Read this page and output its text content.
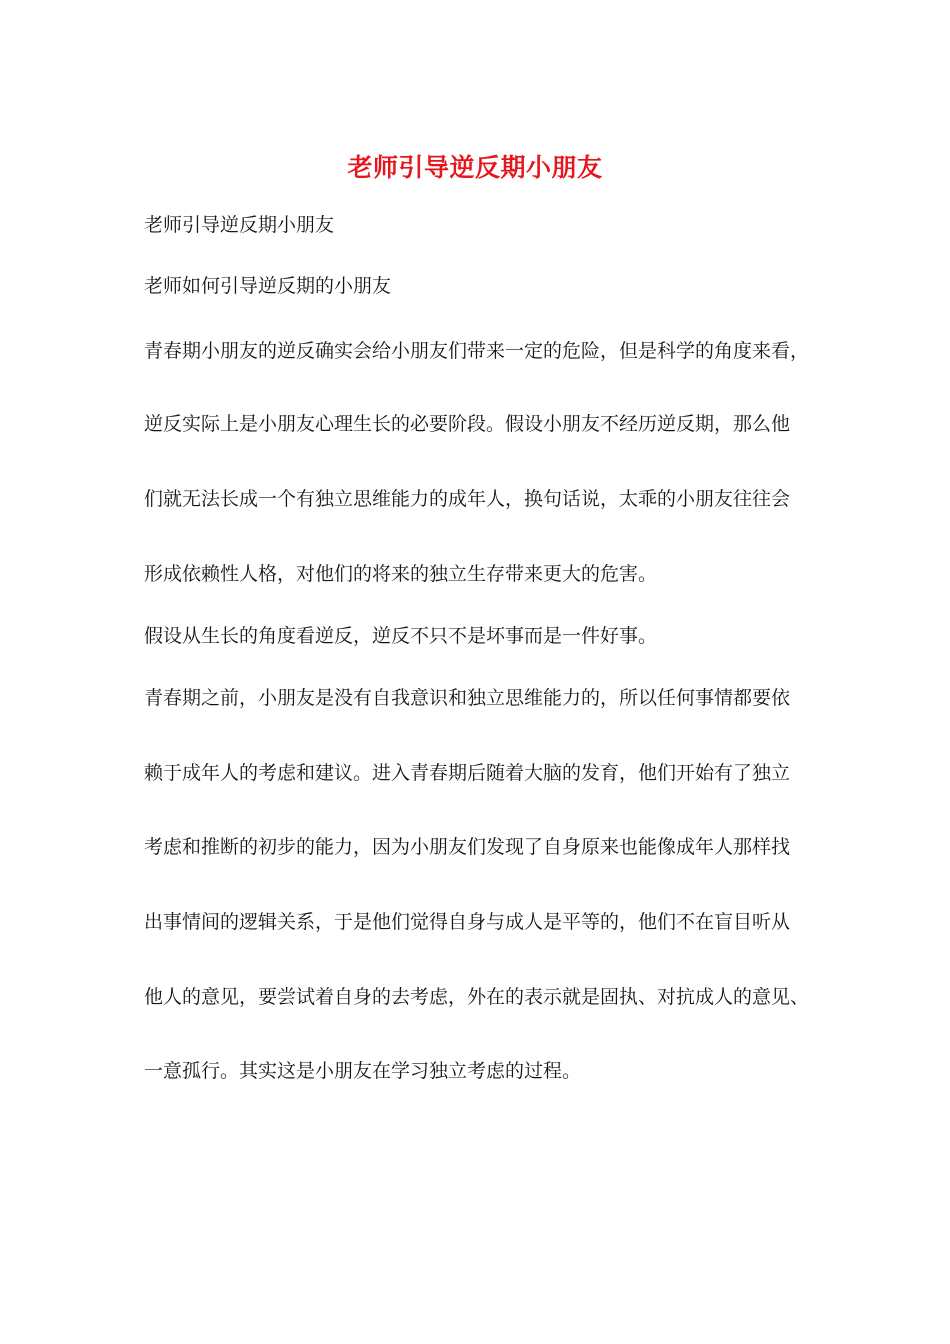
老师引导逆反期小朋友
老师引导逆反期小朋友
老师如何引导逆反期的小朋友
青春期小朋友的逆反确实会给小朋友们带来一定的危险，但是科学的角度来看，
逆反实际上是小朋友心理生长的必要阶段。假设小朋友不经历逆反期，那么他
们就无法长成一个有独立思维能力的成年人，换句话说，太乖的小朋友往往会
形成依赖性人格，对他们的将来的独立生存带来更大的危害。
假设从生长的角度看逆反，逆反不只不是坏事而是一件好事。
青春期之前，小朋友是没有自我意识和独立思维能力的，所以任何事情都要依
赖于成年人的考虑和建议。进入青春期后随着大脑的发育，他们开始有了独立
考虑和推断的初步的能力，因为小朋友们发现了自身原来也能像成年人那样找
出事情间的逻辑关系，于是他们觉得自身与成人是平等的，他们不在盲目听从
他人的意见，要尝试着自身的去考虑，外在的表示就是固执、对抗成人的意见、
一意孤行。其实这是小朋友在学习独立考虑的过程。
